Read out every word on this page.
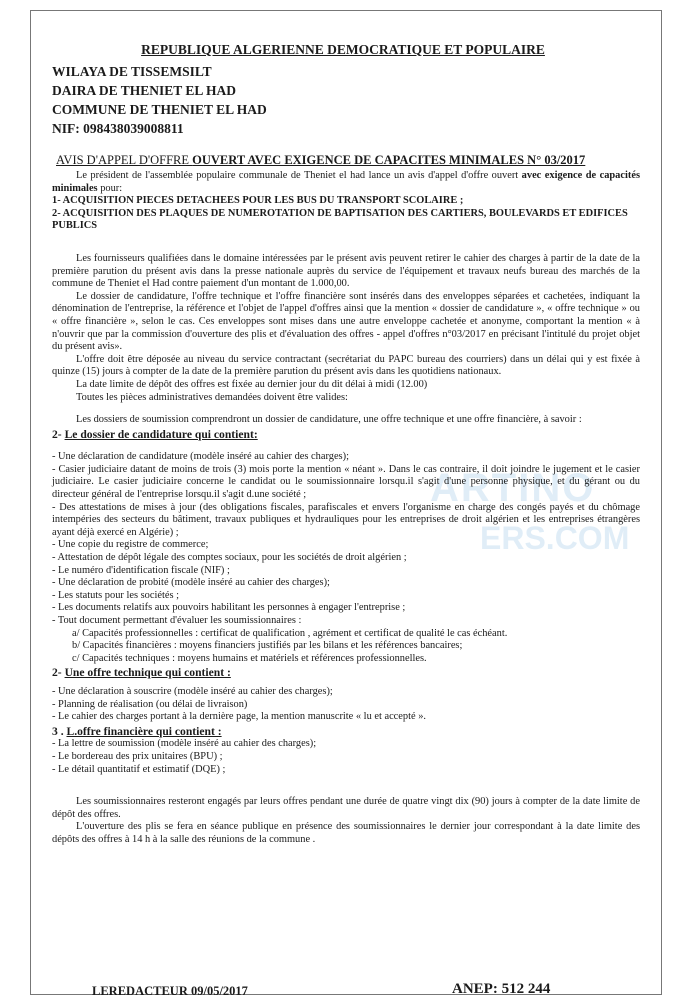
ARTINO
ERS.COM
REPUBLIQUE ALGERIENNE DEMOCRATIQUE ET POPULAIRE
WILAYA DE TISSEMSILT
DAIRA DE THENIET EL HAD
COMMUNE DE THENIET EL HAD
NIF: 098438039008811
AVIS D'APPEL D'OFFRE OUVERT AVEC EXIGENCE DE CAPACITES MINIMALES N° 03/2017

Le président de l'assemblée populaire communale de Theniet el had lance un avis d'appel d'offre ouvert avec exigence de capacités minimales pour:

1- ACQUISITION PIECES DETACHEES POUR LES BUS DU TRANSPORT SCOLAIRE ;
2- ACQUISITION DES PLAQUES DE NUMEROTATION DE BAPTISATION DES CARTIERS, BOULEVARDS ET EDIFICES PUBLICS

Les fournisseurs qualifiées dans le domaine intéressées par le présent avis peuvent retirer le cahier des charges à partir de la date de la première parution du présent avis dans la presse nationale auprès du service de l'équipement et travaux neufs bureau des marchés de la commune de Theniet el Had contre paiement d'un montant de 1.000,00.

Le dossier de candidature, l'offre technique et l'offre financière sont insérés dans des enveloppes séparées et cachetées, indiquant la dénomination de l'entreprise, la référence et l'objet de l'appel d'offres ainsi que la mention « dossier de candidature », « offre technique » ou « offre financière », selon le cas. Ces enveloppes sont mises dans une autre enveloppe cachetée et anonyme, comportant la mention « à n'ouvrir que par la commission d'ouverture des plis et d'évaluation des offres - appel d'offres n°03/2017 en précisant l'intitulé du projet objet du présent avis».

L'offre doit être déposée au niveau du service contractant (secrétariat du PAPC bureau des courriers) dans un délai qui y est fixée à quinze (15) jours à compter de la date de la première parution du présent avis dans les quotidiens nationaux.

La date limite de dépôt des offres est fixée au dernier jour du dit délai à midi (12.00)

Toutes les pièces administratives demandées doivent être valides:

Les dossiers de soumission comprendront un dossier de candidature, une offre technique et une offre financière, à savoir :

2- Le dossier de candidature qui contient:

- Une déclaration de candidature (modèle inséré au cahier des charges);

- Casier judiciaire datant de moins de trois (3) mois porte la mention « néant ». Dans le cas contraire, il doit joindre le jugement et le casier judiciaire. Le casier judiciaire concerne le candidat ou le soumissionnaire lorsqu.il s'agit d'une personne physique, et du gérant ou du directeur général de l'entreprise lorsqu.il s'agit d.une société ;

- Des attestations de mises à jour (des obligations fiscales, parafiscales et envers l'organisme en charge des congés payés et du chômage intempéries des secteurs du bâtiment, travaux publiques et hydrauliques pour les entreprises de droit algérien et les entreprises étrangères ayant déjà exercé en Algérie) ;

- Une copie du registre de commerce;

- Attestation de dépôt légale des comptes sociaux, pour les sociétés de droit algérien ;

- Le numéro d'identification fiscale (NIF) ;

- Une déclaration de probité (modèle inséré au cahier des charges);

- Les statuts pour les sociétés ;

- Les documents relatifs aux pouvoirs habilitant les personnes à engager l'entreprise ;

- Tout document permettant d'évaluer les soumissionnaires :

a/ Capacités professionnelles : certificat de qualification , agrément et certificat de qualité le cas échéant.

b/ Capacités financières : moyens financiers justifiés par les bilans et les références bancaires;

c/ Capacités techniques : moyens humains et matériels et références professionnelles.

2- Une offre technique qui contient :

- Une déclaration à souscrire (modèle inséré au cahier des charges);

- Planning de réalisation (ou délai de livraison)

- Le cahier des charges portant à la dernière page, la mention manuscrite « lu et accepté ».

3 . L.offre financière qui contient :

- La lettre de soumission (modèle inséré au cahier des charges);

- Le bordereau des prix unitaires (BPU) ;

- Le détail quantitatif et estimatif (DQE) ;

Les soumissionnaires resteront engagés par leurs offres pendant une durée de quatre vingt dix (90) jours à compter de la date limite de dépôt des offres.

L'ouverture des plis se fera en séance publique en présence des soumissionnaires le dernier jour correspondant à la date limite des dépôts des offres à 14 h à la salle des réunions de la commune .

LEREDACTEUR 09/05/2017	ANEP: 512 244
